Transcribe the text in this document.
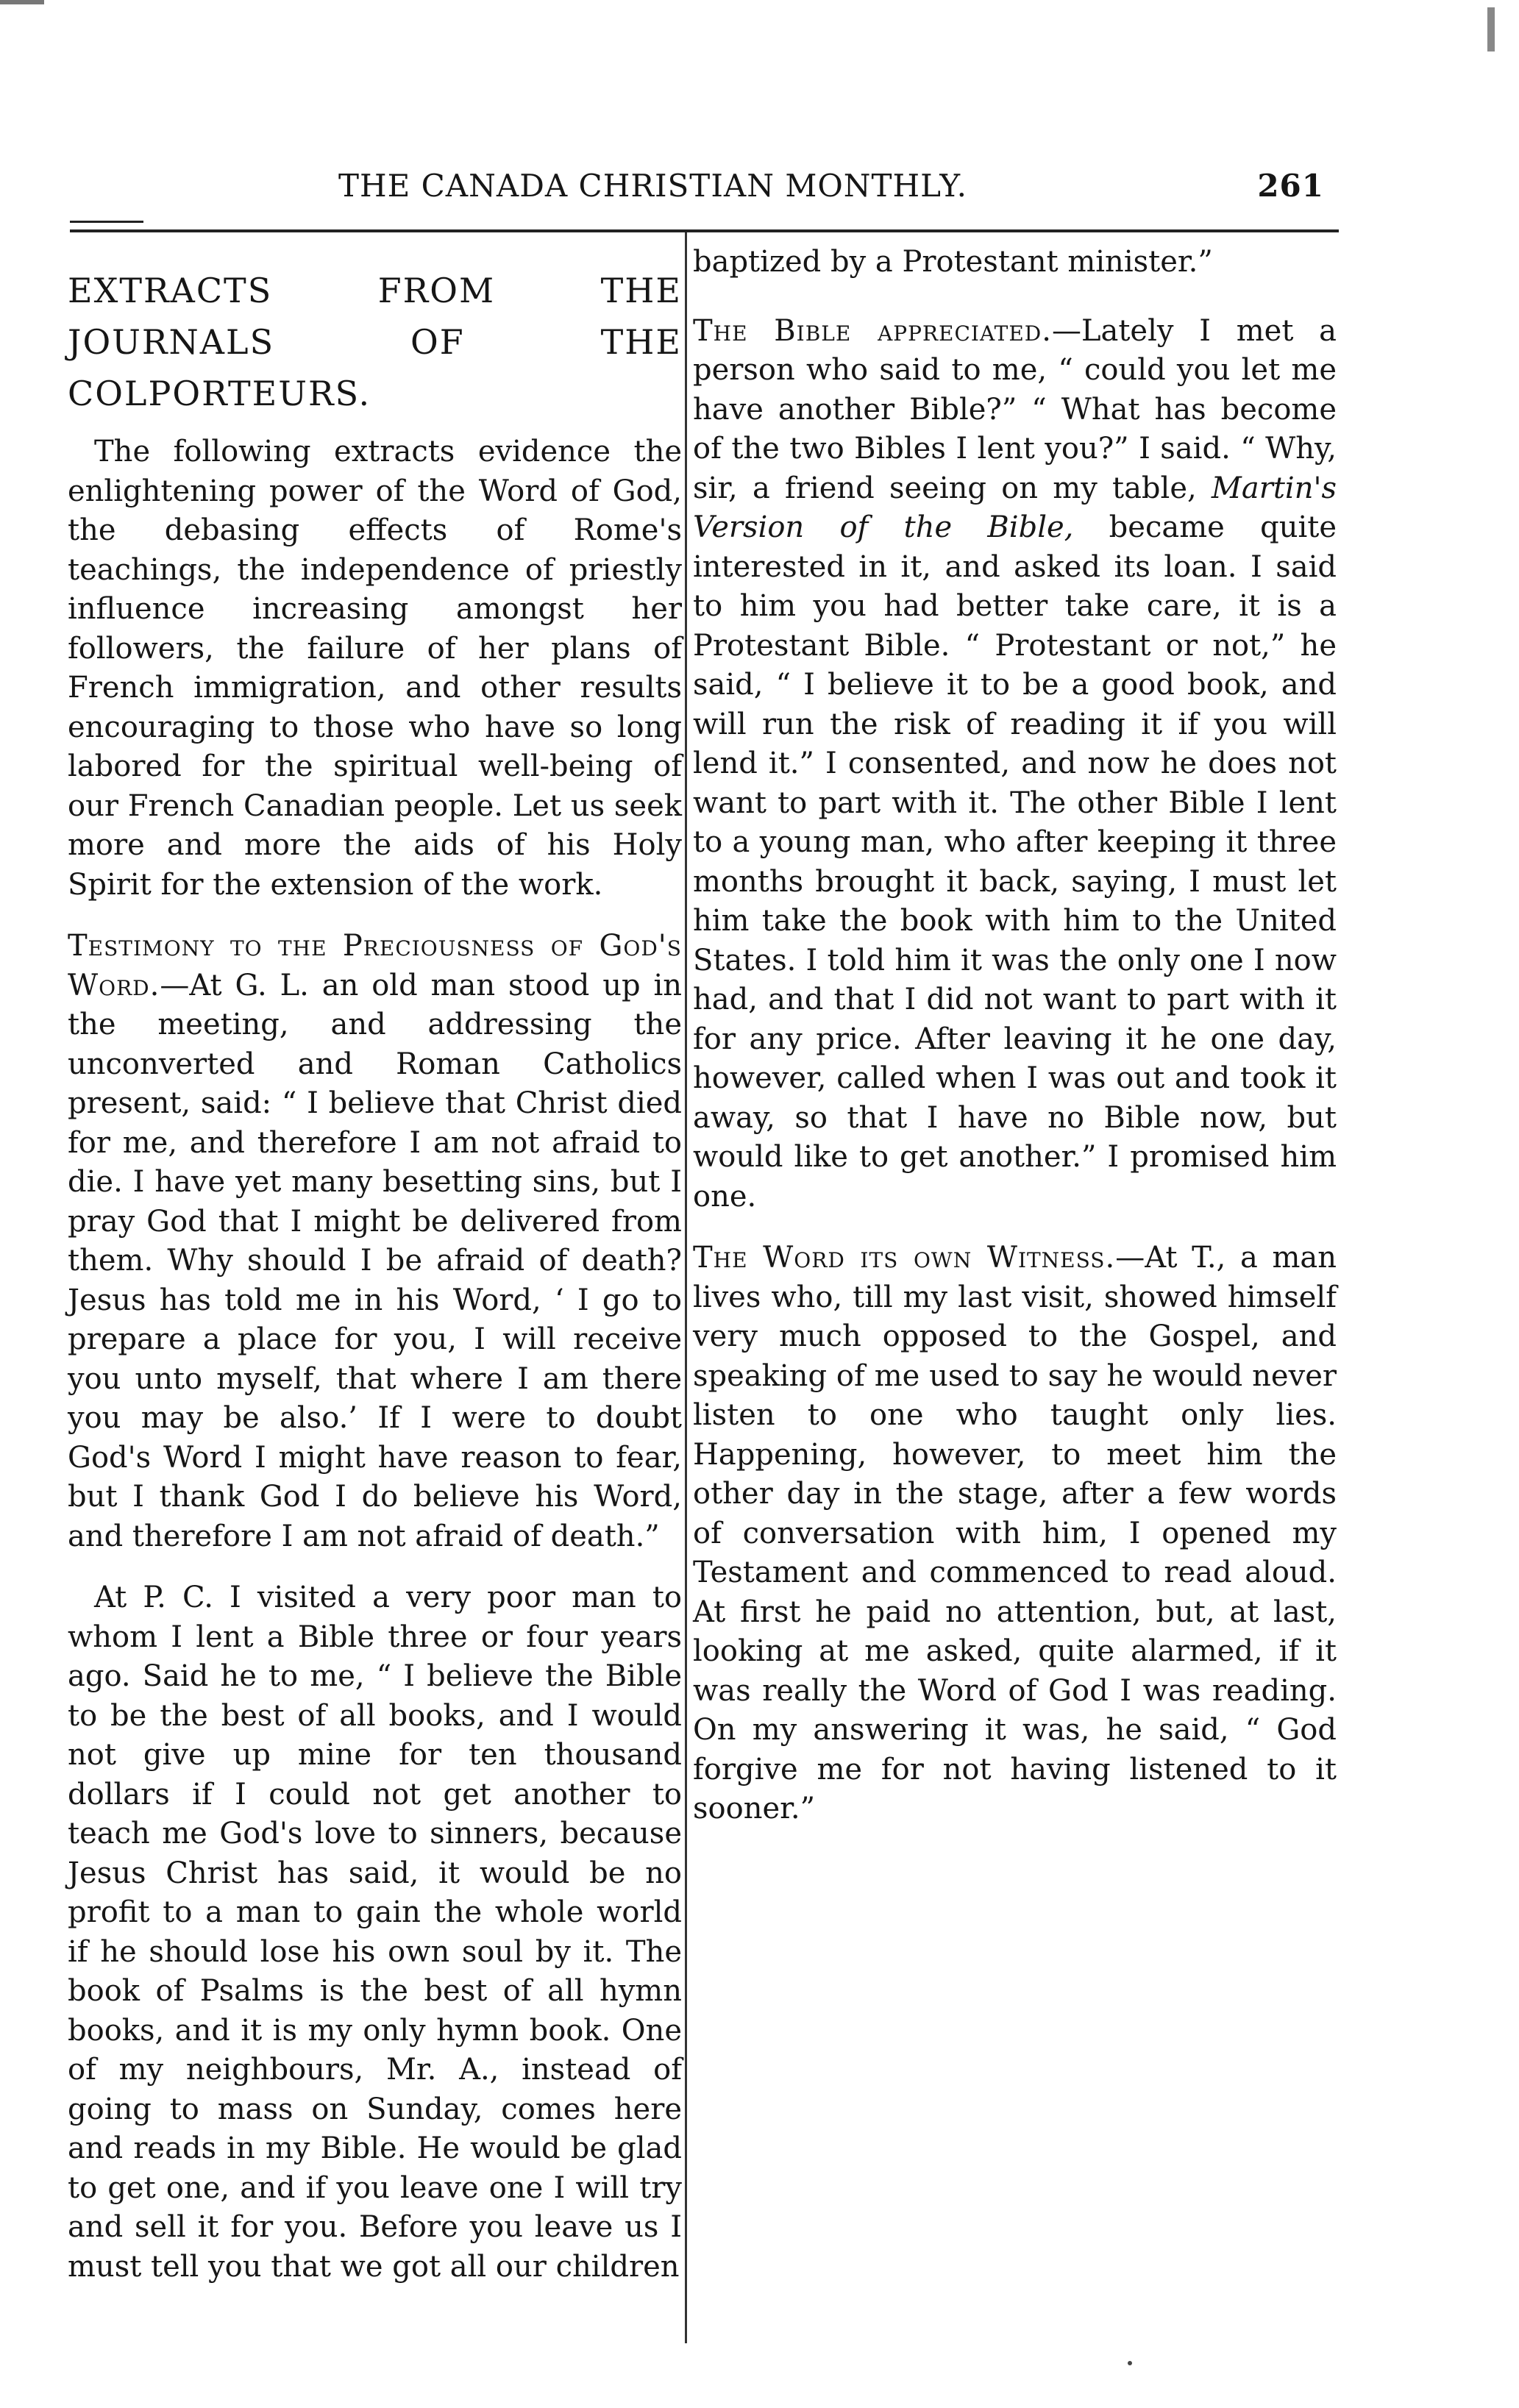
THE CANADA CHRISTIAN MONTHLY.	261
EXTRACTS FROM THE JOURNALS OF THE COLPORTEURS.

The following extracts evidence the enlightening power of the Word of God, the debasing effects of Rome's teachings, the independence of priestly influence increasing amongst her followers, the failure of her plans of French immigration, and other results encouraging to those who have so long labored for the spiritual well-being of our French Canadian people. Let us seek more and more the aids of his Holy Spirit for the extension of the work.

Testimony to the Preciousness of God's Word.—At G. L. an old man stood up in the meeting, and addressing the unconverted and Roman Catholics present, said: “ I believe that Christ died for me, and therefore I am not afraid to die. I have yet many besetting sins, but I pray God that I might be delivered from them. Why should I be afraid of death? Jesus has told me in his Word, ‘ I go to prepare a place for you, I will receive you unto myself, that where I am there you may be also.’ If I were to doubt God's Word I might have reason to fear, but I thank God I do believe his Word, and therefore I am not afraid of death.”

At P. C. I visited a very poor man to whom I lent a Bible three or four years ago. Said he to me, “ I believe the Bible to be the best of all books, and I would not give up mine for ten thousand dollars if I could not get another to teach me God's love to sinners, because Jesus Christ has said, it would be no profit to a man to gain the whole world if he should lose his own soul by it. The book of Psalms is the best of all hymn books, and it is my only hymn book. One of my neighbours, Mr. A., instead of going to mass on Sunday, comes here and reads in my Bible. He would be glad to get one, and if you leave one I will try and sell it for you. Before you leave us I must tell you that we got all our children

The Bible appreciated.—Lately I met a person who said to me, “ could you let me have another Bible?” “ What has become of the two Bibles I lent you?” I said. “ Why, sir, a friend seeing on my table, Martin's Version of the Bible, became quite interested in it, and asked its loan. I said to him you had better take care, it is a Protestant Bible. “ Protestant or not,” he said, “ I believe it to be a good book, and will run the risk of reading it if you will lend it.” I consented, and now he does not want to part with it. The other Bible I lent to a young man, who after keeping it three months brought it back, saying, I must let him take the book with him to the United States. I told him it was the only one I now had, and that I did not want to part with it for any price. After leaving it he one day, however, called when I was out and took it away, so that I have no Bible now, but would like to get another.” I promised him one.

The Word its own Witness.—At T., a man lives who, till my last visit, showed himself very much opposed to the Gospel, and speaking of me used to say he would never listen to one who taught only lies. Happening, however, to meet him the other day in the stage, after a few words of conversation with him, I opened my Testament and commenced to read aloud. At first he paid no attention, but, at last, looking at me asked, quite alarmed, if it was really the Word of God I was reading. On my answering it was, he said, “ God forgive me for not having listened to it sooner.”

baptized by a Protestant minister.”
